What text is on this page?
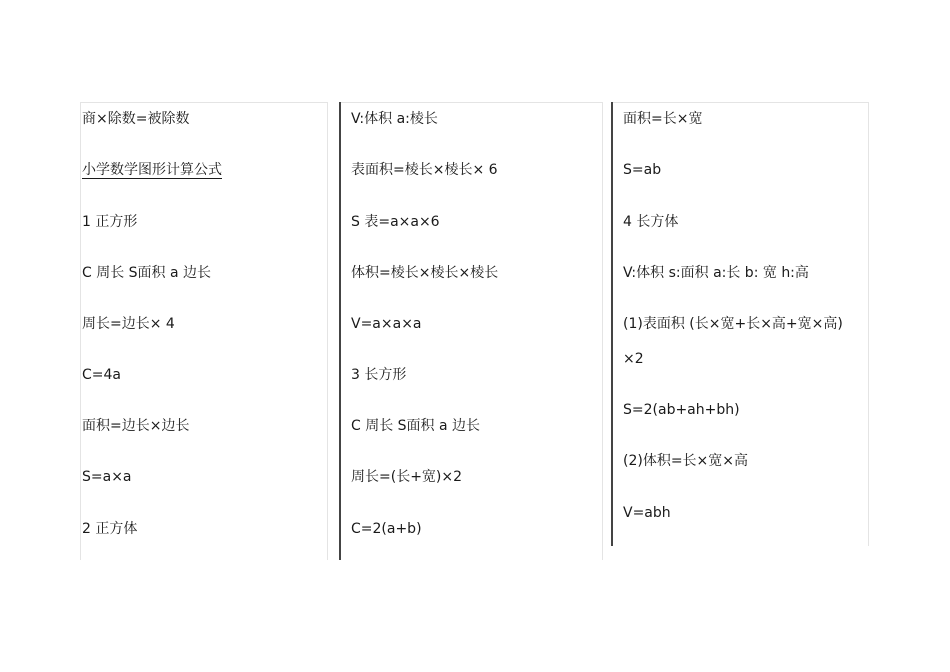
商×除数=被除数
小学数学图形计算公式
1 正方形
C 周长 S面积 a 边长
周长=边长× 4
C=4a
面积=边长×边长
S=a×a
2 正方体
V:体积 a:棱长
表面积=棱长×棱长× 6
S 表=a×a×6
体积=棱长×棱长×棱长
V=a×a×a
3 长方形
C 周长 S面积 a 边长
周长=(长+宽)×2
C=2(a+b)
面积=长×宽
S=ab
4 长方体
V:体积 s:面积 a:长 b: 宽 h:高
(1)表面积 (长×宽+长×高+宽×高)
×2
S=2(ab+ah+bh)
(2)体积=长×宽×高
V=abh
